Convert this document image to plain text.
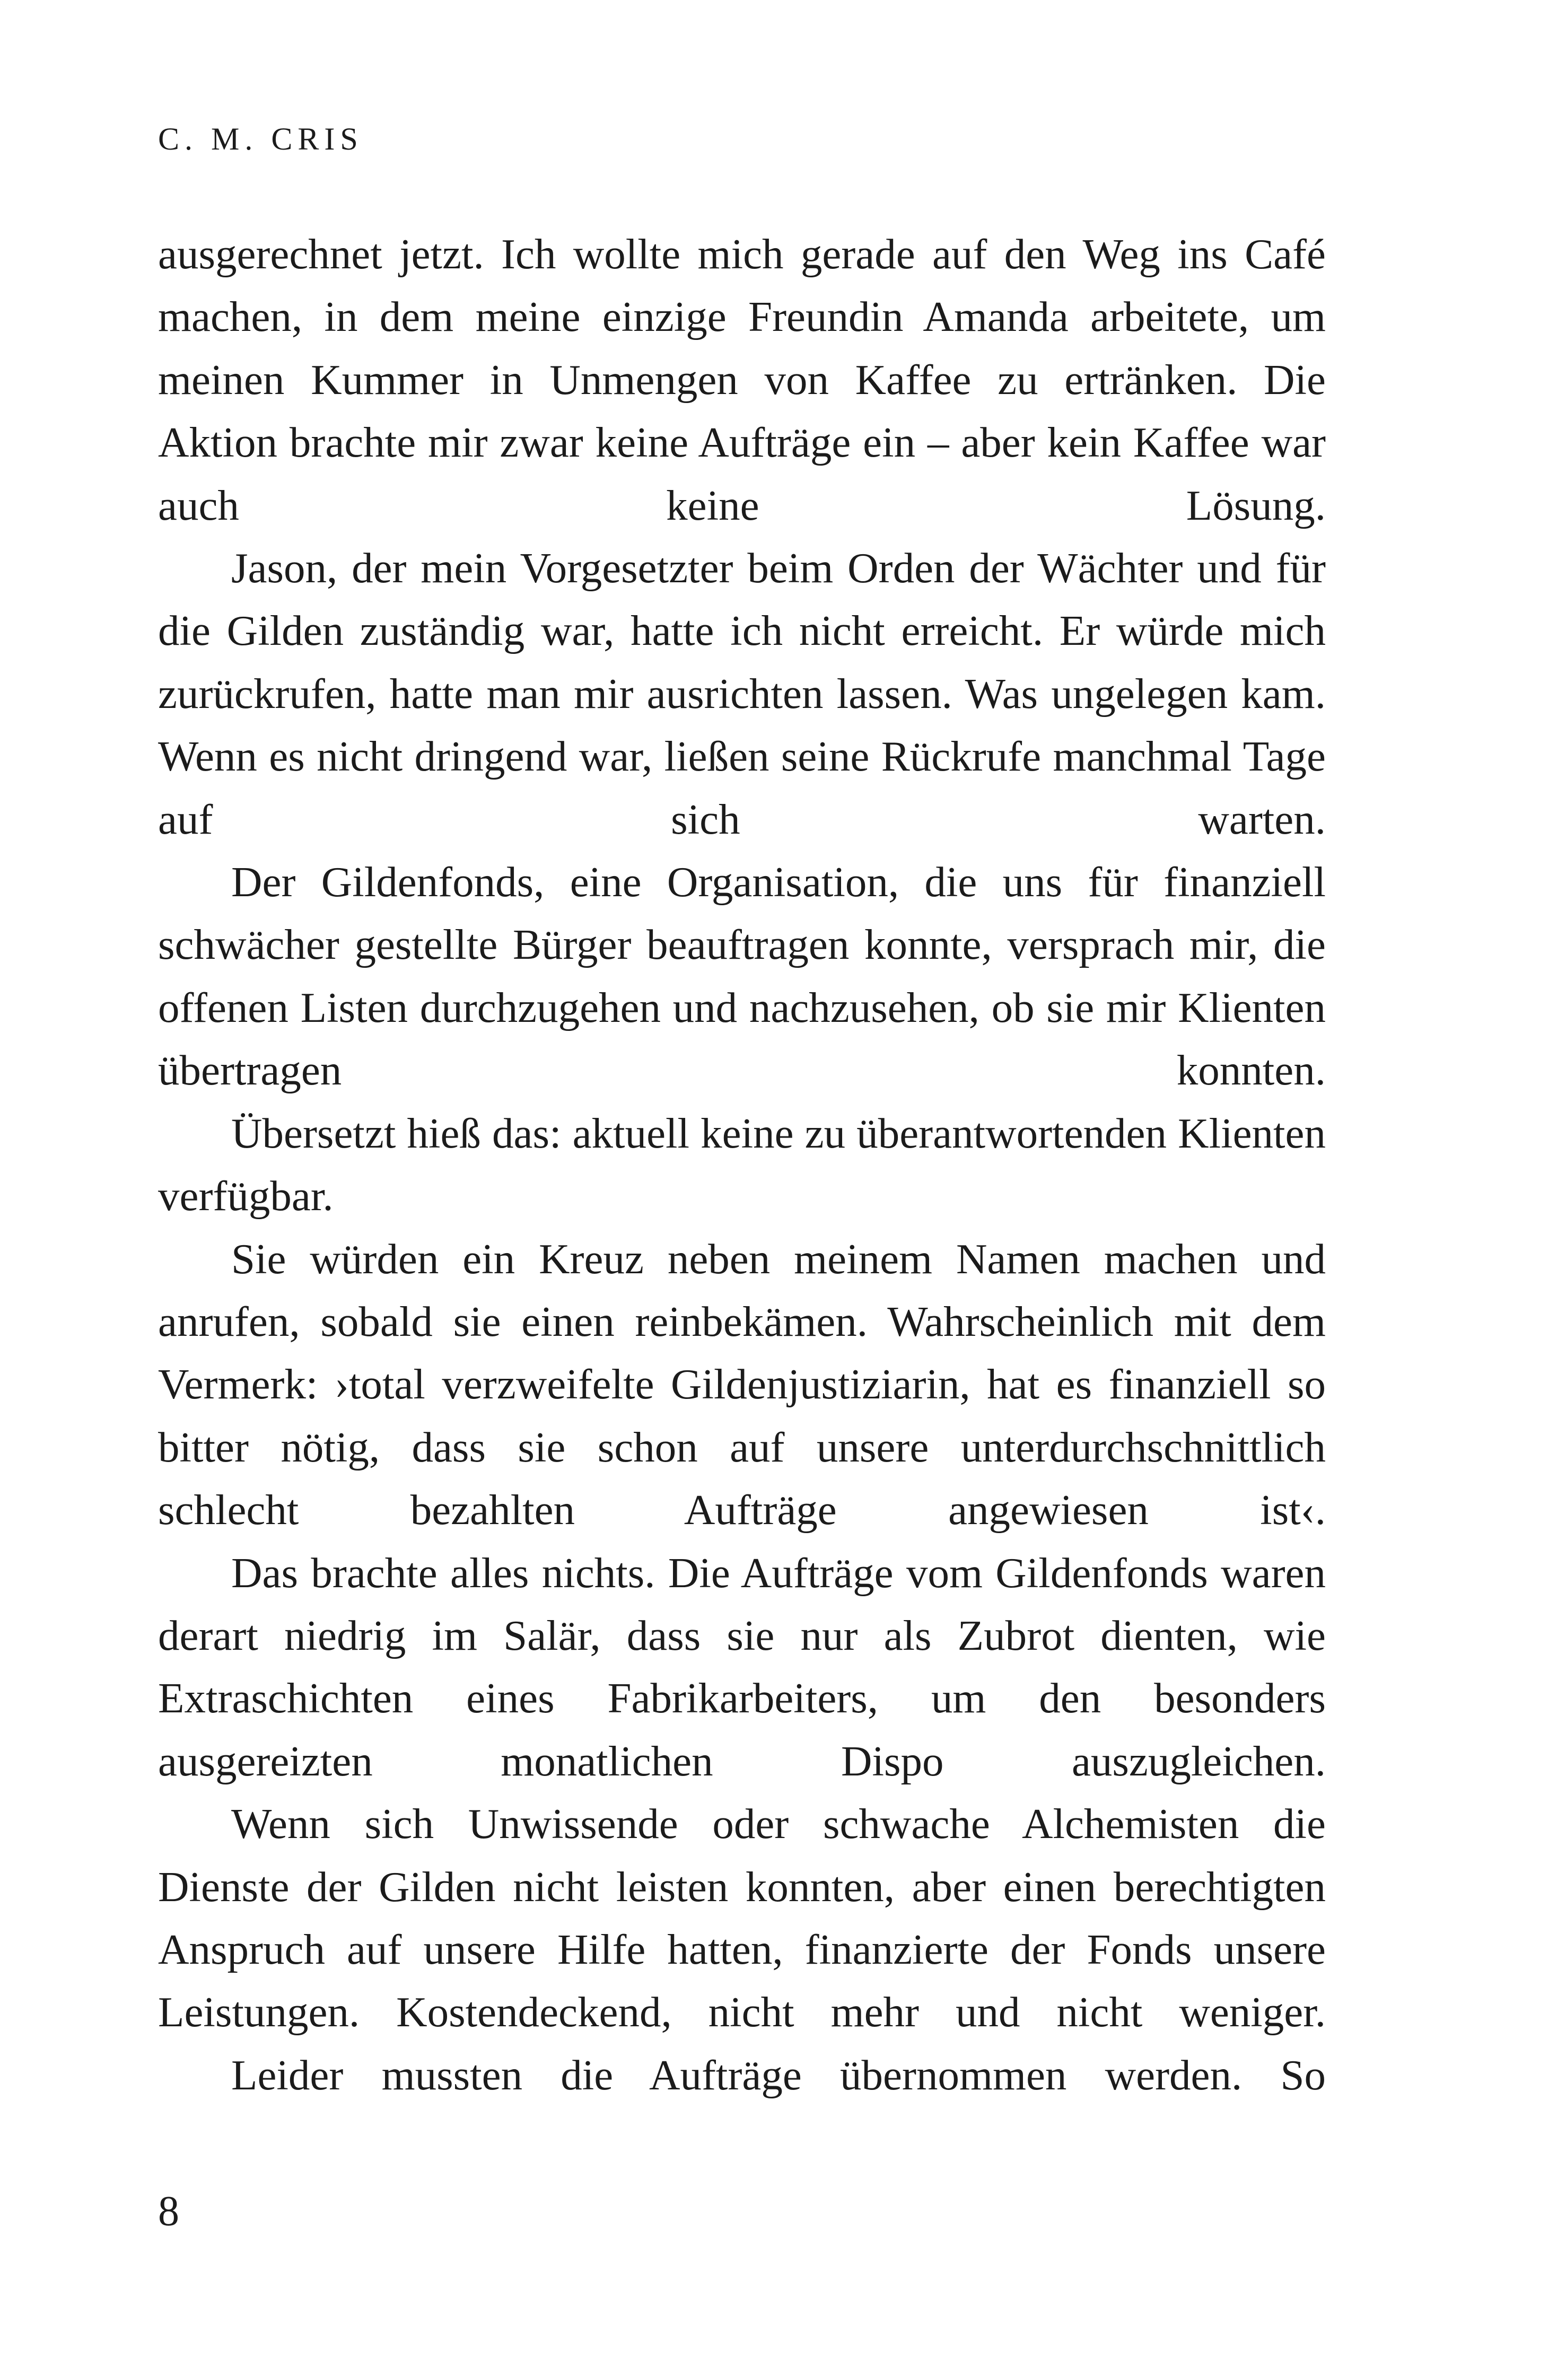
C. M. CRIS

ausgerechnet jetzt. Ich wollte mich gerade auf den Weg ins Café machen, in dem meine einzige Freundin Amanda arbeitete, um meinen Kummer in Unmengen von Kaffee zu ertränken. Die Aktion brachte mir zwar keine Aufträge ein – aber kein Kaffee war auch keine Lösung.

Jason, der mein Vorgesetzter beim Orden der Wächter und für die Gilden zuständig war, hatte ich nicht erreicht. Er würde mich zurückrufen, hatte man mir ausrichten lassen. Was ungelegen kam. Wenn es nicht dringend war, ließen seine Rückrufe manchmal Tage auf sich warten.

Der Gildenfonds, eine Organisation, die uns für finanziell schwächer gestellte Bürger beauftragen konnte, versprach mir, die offenen Listen durchzugehen und nachzusehen, ob sie mir Klienten übertragen konnten.

Übersetzt hieß das: aktuell keine zu überantwortenden Klienten verfügbar.

Sie würden ein Kreuz neben meinem Namen machen und anrufen, sobald sie einen reinbekämen. Wahrscheinlich mit dem Vermerk: ›total verzweifelte Gildenjustiziarin, hat es finanziell so bitter nötig, dass sie schon auf unsere unterdurchschnittlich schlecht bezahlten Aufträge angewiesen ist‹.

Das brachte alles nichts. Die Aufträge vom Gildenfonds waren derart niedrig im Salär, dass sie nur als Zubrot dienten, wie Extraschichten eines Fabrikarbeiters, um den besonders ausgereizten monatlichen Dispo auszugleichen.

Wenn sich Unwissende oder schwache Alchemisten die Dienste der Gilden nicht leisten konnten, aber einen berechtigten Anspruch auf unsere Hilfe hatten, finanzierte der Fonds unsere Leistungen. Kostendeckend, nicht mehr und nicht weniger.

Leider mussten die Aufträge übernommen werden. So

8
